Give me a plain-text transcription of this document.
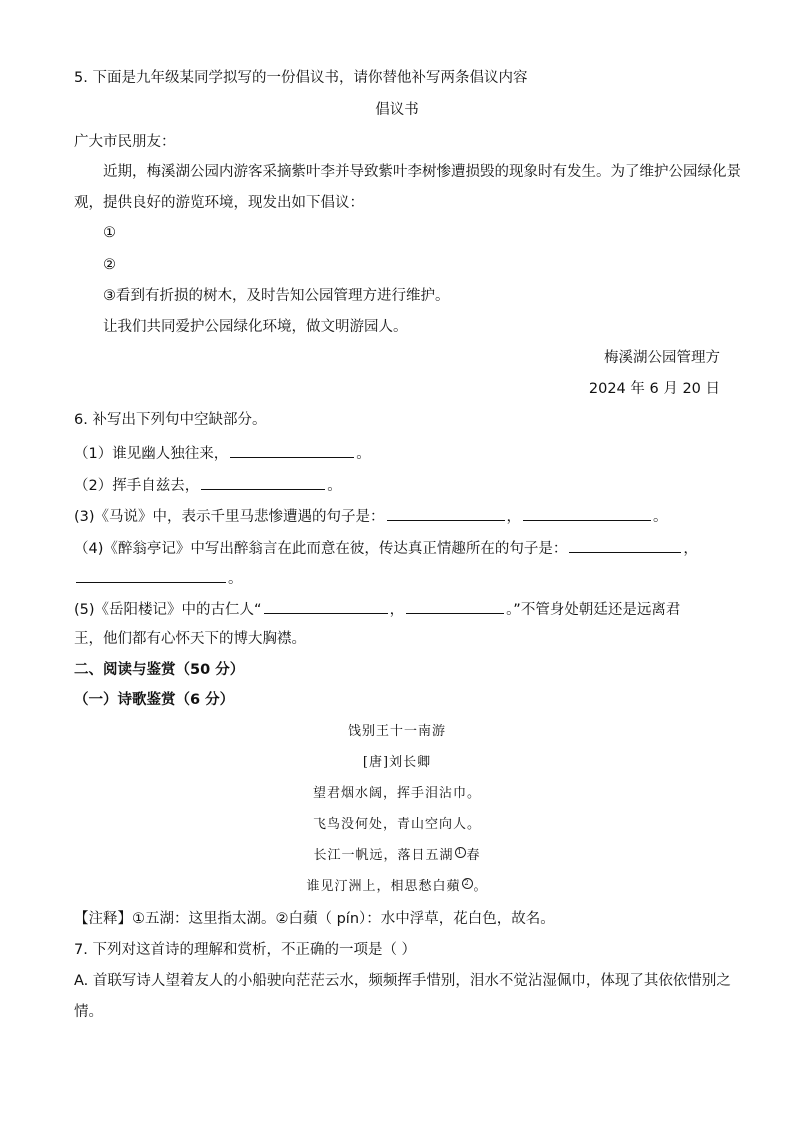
5. 下面是九年级某同学拟写的一份倡议书，请你替他补写两条倡议内容
倡议书
广大市民朋友：
近期，梅溪湖公园内游客采摘紫叶李并导致紫叶李树惨遭损毁的现象时有发生。为了维护公园绿化景
观，提供良好的游览环境，现发出如下倡议：
①
②
③看到有折损的树木，及时告知公园管理方进行维护。
让我们共同爱护公园绿化环境，做文明游园人。
梅溪湖公园管理方
2024 年 6 月 20 日
6. 补写出下列句中空缺部分。
（1）谁见幽人独往来，	。
（2）挥手自兹去，	。
(3)《马说》中，表示千里马悲惨遭遇的句子是：	，	。
（4)《醉翁亭记》中写出醉翁言在此而意在彼，传达真正情趣所在的句子是：	，
。
(5)《岳阳楼记》中的古仁人“	，	。”不管身处朝廷还是远离君
王，他们都有心怀天下的博大胸襟。
二、阅读与鉴赏（50 分）
（一）诗歌鉴赏（6 分）
饯别王十一南游
[唐]刘长卿
望君烟水阔，挥手泪沾巾。
飞鸟没何处，青山空向人。
长江一帆远，落日五湖 1 春
谁见汀洲上，相思愁白蘋 2 。
【注释】①五湖：这里指太湖。②白蘋（ pín）：水中浮草，花白色，故名。
7. 下列对这首诗的理解和赏析，不正确的一项是（ ）
A. 首联写诗人望着友人的小船驶向茫茫云水，频频挥手惜别，泪水不觉沾湿佩巾，体现了其依依惜别之
情。
